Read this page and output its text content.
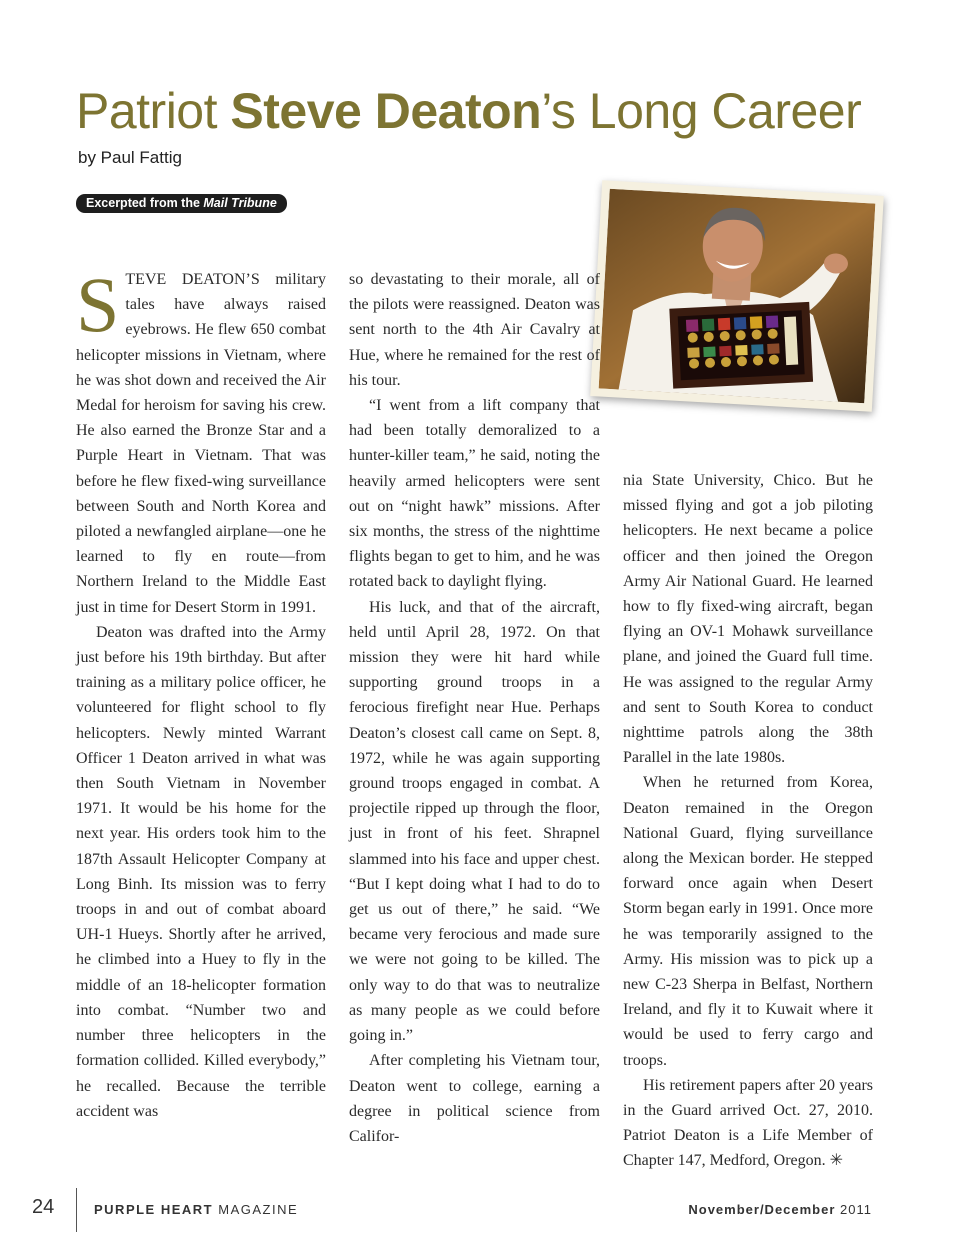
Patriot Steve Deaton’s Long Career
by Paul Fattig
Excerpted from the Mail Tribune

STEVE DEATON’S military tales have always raised eyebrows. He flew 650 combat helicopter missions in Vietnam, where he was shot down and received the Air Medal for heroism for saving his crew. He also earned the Bronze Star and a Purple Heart in Vietnam. That was before he flew fixed-wing surveillance between South and North Korea and piloted a newfangled airplane—one he learned to fly en route—from Northern Ireland to the Middle East just in time for Desert Storm in 1991.

Deaton was drafted into the Army just before his 19th birthday. But after training as a military police officer, he volunteered for flight school to fly helicopters. Newly minted Warrant Officer 1 Deaton arrived in what was then South Vietnam in November 1971. It would be his home for the next year. His orders took him to the 187th Assault Helicopter Company at Long Binh. Its mission was to ferry troops in and out of combat aboard UH-1 Hueys. Shortly after he arrived, he climbed into a Huey to fly in the middle of an 18-helicopter formation into combat. “Number two and number three helicopters in the formation collided. Killed everybody,” he recalled. Because the terrible accident was

so devastating to their morale, all of the pilots were reassigned. Deaton was sent north to the 4th Air Cavalry at Hue, where he remained for the rest of his tour.

“I went from a lift company that had been totally demoralized to a hunter-killer team,” he said, noting the heavily armed helicopters were sent out on “night hawk” missions. After six months, the stress of the nighttime flights began to get to him, and he was rotated back to daylight flying.

His luck, and that of the aircraft, held until April 28, 1972. On that mission they were hit hard while supporting ground troops in a ferocious firefight near Hue. Perhaps Deaton’s closest call came on Sept. 8, 1972, while he was again supporting ground troops engaged in combat. A projectile ripped up through the floor, just in front of his feet. Shrapnel slammed into his face and upper chest. “But I kept doing what I had to do to get us out of there,” he said. “We became very ferocious and made sure we were not going to be killed. The only way to do that was to neutralize as many people as we could before going in.”

After completing his Vietnam tour, Deaton went to college, earning a degree in political science from Califor-

nia State University, Chico. But he missed flying and got a job piloting helicopters. He next became a police officer and then joined the Oregon Army Air National Guard. He learned how to fly fixed-wing aircraft, began flying an OV-1 Mohawk surveillance plane, and joined the Guard full time. He was assigned to the regular Army and sent to South Korea to conduct nighttime patrols along the 38th Parallel in the late 1980s.

When he returned from Korea, Deaton remained in the Oregon National Guard, flying surveillance along the Mexican border. He stepped forward once again when Desert Storm began early in 1991. Once more he was temporarily assigned to the Army. His mission was to pick up a new C-23 Sherpa in Belfast, Northern Ireland, and fly it to Kuwait where it would be used to ferry cargo and troops.

His retirement papers after 20 years in the Guard arrived Oct. 27, 2010. Patriot Deaton is a Life Member of Chapter 147, Medford, Oregon. ✳

24	PURPLE HEART MAGAZINE	November/December 2011
